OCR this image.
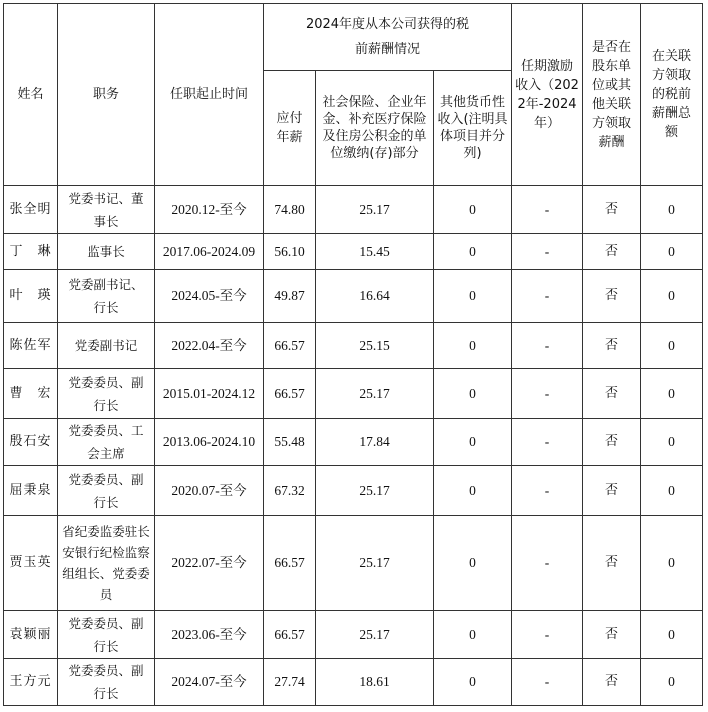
姓名	职务	任职起止时间	2024年度从本公司获得的税前薪酬情况			任期激励收入（2022年-2024年）	是否在股东单位或其他关联方领取薪酬	在关联方领取的税前薪酬总额
			应付年薪	社会保险、企业年金、补充医疗保险及住房公积金的单位缴纳(存)部分	其他货币性收入(注明具体项目并分列)			
张全明	党委书记、董事长	2020.12-至今	74.80	25.17	0	-	否	0
丁　琳	监事长	2017.06-2024.09	56.10	15.45	0	-	否	0
叶　瑛	党委副书记、行长	2024.05-至今	49.87	16.64	0	-	否	0
陈佐军	党委副书记	2022.04-至今	66.57	25.15	0	-	否	0
曹　宏	党委委员、副行长	2015.01-2024.12	66.57	25.17	0	-	否	0
殷石安	党委委员、工会主席	2013.06-2024.10	55.48	17.84	0	-	否	0
屈秉泉	党委委员、副行长	2020.07-至今	67.32	25.17	0	-	否	0
贾玉英	省纪委监委驻长安银行纪检监察组组长、党委委员	2022.07-至今	66.57	25.17	0	-	否	0
袁颖丽	党委委员、副行长	2023.06-至今	66.57	25.17	0	-	否	0
王方元	党委委员、副行长	2024.07-至今	27.74	18.61	0	-	否	0
